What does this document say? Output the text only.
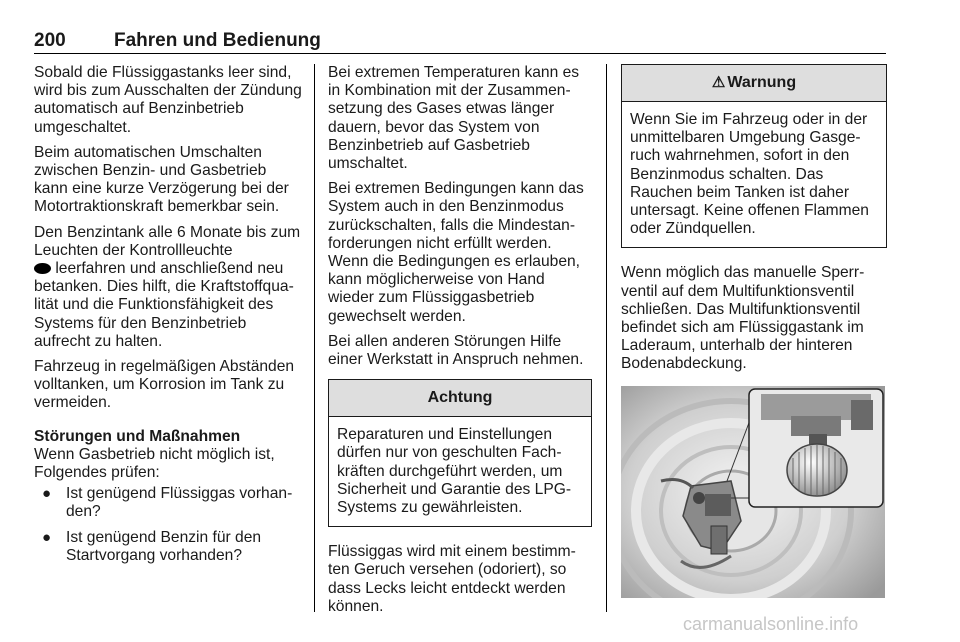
200	Fahren und Bedienung

Sobald die Flüssiggastanks leer sind, wird bis zum Ausschalten der Zündung automatisch auf Benzinbetrieb umgeschaltet.

Beim automatischen Umschalten zwischen Benzin- und Gasbetrieb kann eine kurze Verzögerung bei der Motortraktionskraft bemerkbar sein.

Den Benzintank alle 6 Monate bis zum Leuchten der Kontrollleuchte
leerfahren und anschließend neu betanken. Dies hilft, die Kraftstoffqualität und die Funktionsfähigkeit des Systems für den Benzinbetrieb aufrecht zu halten.

Fahrzeug in regelmäßigen Abständen volltanken, um Korrosion im Tank zu vermeiden.

Störungen und Maßnahmen

Wenn Gasbetrieb nicht möglich ist, Folgendes prüfen:

● Ist genügend Flüssiggas vorhanden?
● Ist genügend Benzin für den Startvorgang vorhanden?

Bei extremen Temperaturen kann es in Kombination mit der Zusammensetzung des Gases etwas länger dauern, bevor das System von Benzinbetrieb auf Gasbetrieb umschaltet.

Bei extremen Bedingungen kann das System auch in den Benzinmodus zurückschalten, falls die Mindestanforderungen nicht erfüllt werden. Wenn die Bedingungen es erlauben, kann möglicherweise von Hand wieder zum Flüssiggasbetrieb gewechselt werden.

Bei allen anderen Störungen Hilfe einer Werkstatt in Anspruch nehmen.

Achtung
Reparaturen und Einstellungen dürfen nur von geschulten Fachkräften durchgeführt werden, um Sicherheit und Garantie des LPG-Systems zu gewährleisten.

Flüssiggas wird mit einem bestimmten Geruch versehen (odoriert), so dass Lecks leicht entdeckt werden können.

⚠ Warnung
Wenn Sie im Fahrzeug oder in der unmittelbaren Umgebung Gasgeruch wahrnehmen, sofort in den Benzinmodus schalten. Das Rauchen beim Tanken ist daher untersagt. Keine offenen Flammen oder Zündquellen.

Wenn möglich das manuelle Sperrventil auf dem Multifunktionsventil schließen. Das Multifunktionsventil befindet sich am Flüssiggastank im Laderaum, unterhalb der hinteren Bodenabdeckung.

carmanualsonline.info
